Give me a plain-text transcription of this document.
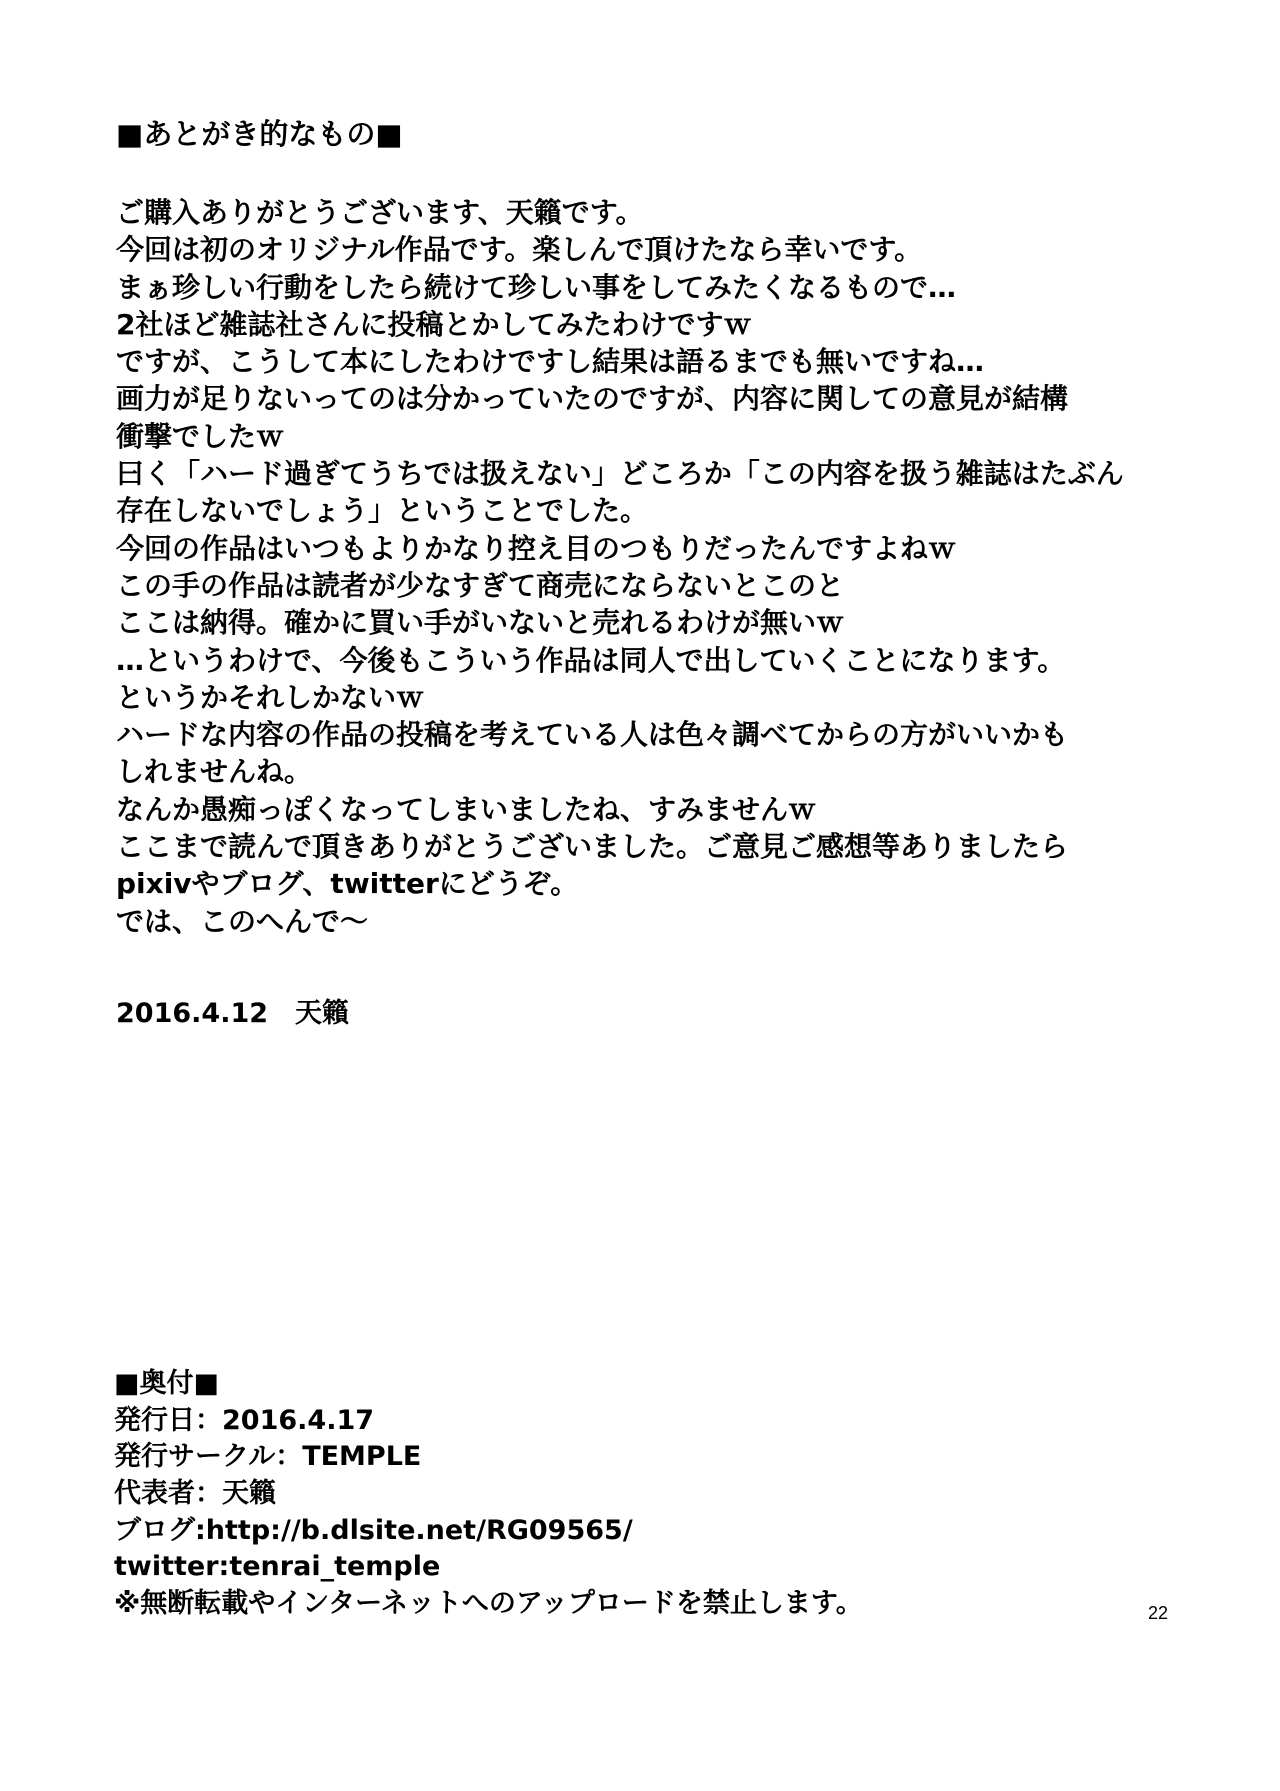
■あとがき的なもの■
ご購入ありがとうございます、天籟です。
今回は初のオリジナル作品です。楽しんで頂けたなら幸いです。
まぁ珍しい行動をしたら続けて珍しい事をしてみたくなるもので…
2社ほど雑誌社さんに投稿とかしてみたわけですｗ
ですが、こうして本にしたわけですし結果は語るまでも無いですね…
画力が足りないってのは分かっていたのですが、内容に関しての意見が結構
衝撃でしたｗ
曰く「ハード過ぎてうちでは扱えない」どころか「この内容を扱う雑誌はたぶん
存在しないでしょう」ということでした。
今回の作品はいつもよりかなり控え目のつもりだったんですよねｗ
この手の作品は読者が少なすぎて商売にならないとこのと
ここは納得。確かに買い手がいないと売れるわけが無いｗ
…というわけで、今後もこういう作品は同人で出していくことになります。
というかそれしかないｗ
ハードな内容の作品の投稿を考えている人は色々調べてからの方がいいかも
しれませんね。
なんか愚痴っぽくなってしまいましたね、すみませんｗ
ここまで読んで頂きありがとうございました。ご意見ご感想等ありましたら
pixivやブログ、twitterにどうぞ。
では、このへんで～
2016.4.12　天籟
■奥付■
発行日：2016.4.17
発行サークル：TEMPLE
代表者：天籟
ブログ:http://b.dlsite.net/RG09565/
twitter:tenrai_temple
※無断転載やインターネットへのアップロードを禁止します。	22
